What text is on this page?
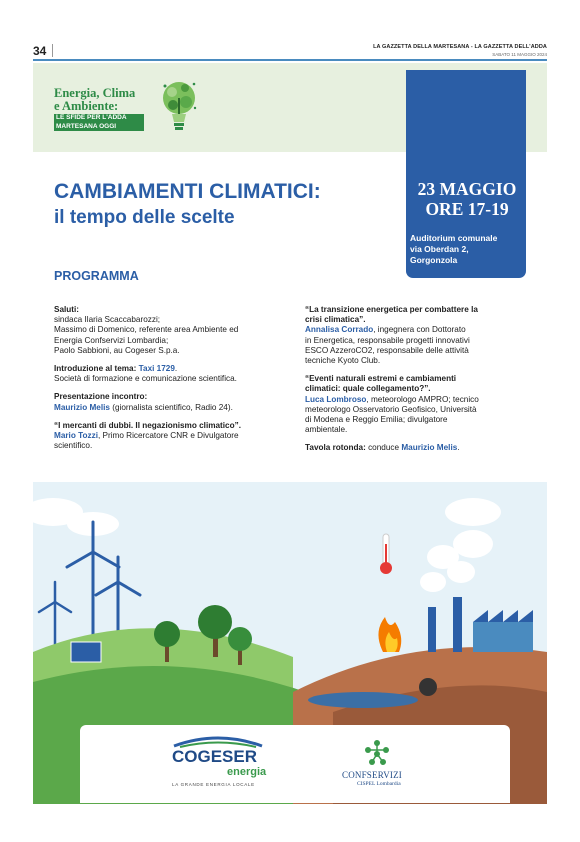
34	LA GAZZETTA DELLA MARTESANA - LA GAZZETTA DELL'ADDA
SABATO 11 MAGGIO 2024
Energia, Clima
e Ambiente:
LE SFIDE PER L'ADDA
MARTESANA OGGI
23 MAGGIO
ORE 17-19
Auditorium comunale
via Oberdan 2,
Gorgonzola
CAMBIAMENTI CLIMATICI:
il tempo delle scelte
PROGRAMMA

Saluti:
sindaca Ilaria Scaccabarozzi;
Massimo di Domenico, referente area Ambiente ed
Energia Confservizi Lombardia;
Paolo Sabbioni, au Cogeser S.p.a.

Introduzione al tema: Taxi 1729.
Società di formazione e comunicazione scientifica.

Presentazione incontro:
Maurizio Melis (giornalista scientifico, Radio 24).

“I mercanti di dubbi. Il negazionismo climatico”.
Mario Tozzi, Primo Ricercatore CNR e Divulgatore
scientifico.

“La transizione energetica per combattere la
crisi climatica”.
Annalisa Corrado, ingegnera con Dottorato
in Energetica, responsabile progetti innovativi
ESCO AzzeroCO2, responsabile delle attività
tecniche Kyoto Club.

“Eventi naturali estremi e cambiamenti
climatici: quale collegamento?”.
Luca Lombroso, meteorologo AMPRO; tecnico
meteorologo Osservatorio Geofisico, Università
di Modena e Reggio Emilia; divulgatore
ambientale.

Tavola rotonda: conduce Maurizio Melis.

COGESER
energia
LA GRANDE ENERGIA LOCALE
CONFSERVIZI
CISPEL Lombardia
